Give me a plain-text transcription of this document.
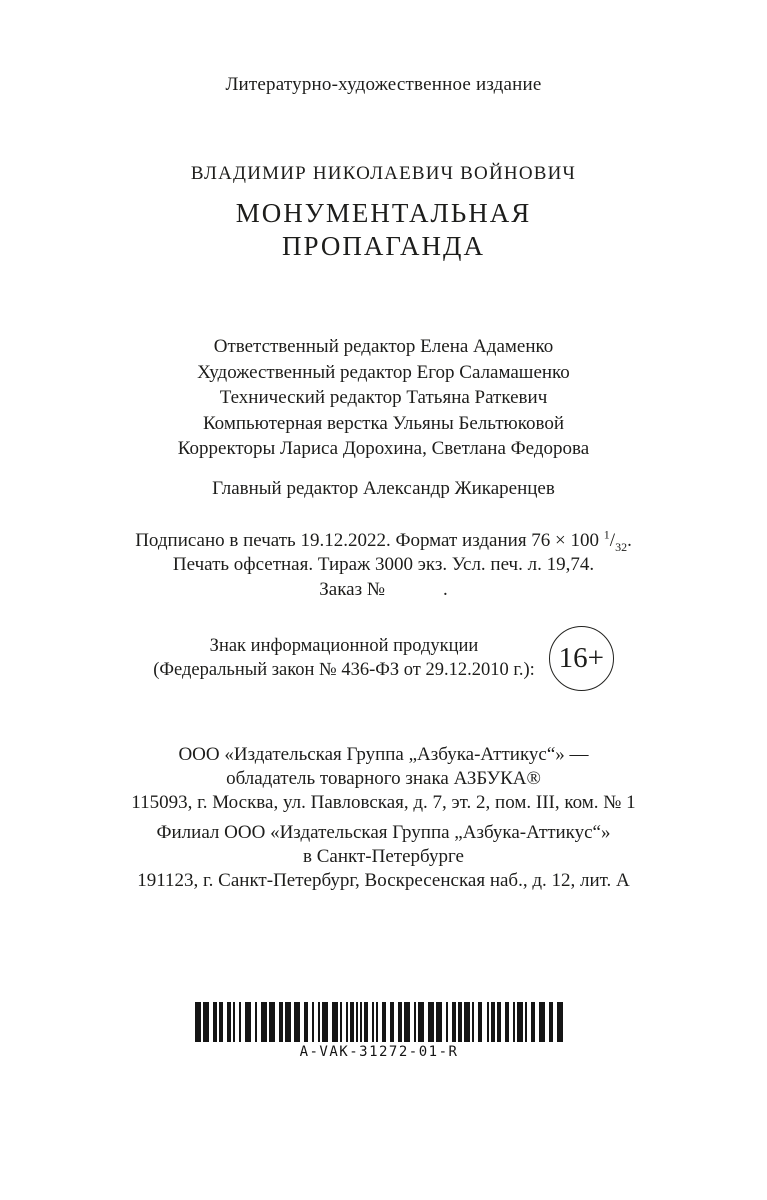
Литературно-художественное издание
ВЛАДИМИР НИКОЛАЕВИЧ ВОЙНОВИЧ
МОНУМЕНТАЛЬНАЯ
ПРОПАГАНДА
Ответственный редактор Елена Адаменко
Художественный редактор Егор Саламашенко
Технический редактор Татьяна Раткевич
Компьютерная верстка Ульяны Бельтюковой
Корректоры Лариса Дорохина, Светлана Федорова
Главный редактор Александр Жикаренцев
Подписано в печать 19.12.2022. Формат издания 76 × 100 $^1/_{32}$.
Печать офсетная. Тираж 3000 экз. Усл. печ. л. 19,74.
Заказ №	.
Знак информационной продукции
(Федеральный закон № 436-ФЗ от 29.12.2010 г.): 16+
ООО «Издательская Группа „Азбука-Аттикус“» —
обладатель товарного знака АЗБУКА®
115093, г. Москва, ул. Павловская, д. 7, эт. 2, пом. III, ком. № 1
Филиал ООО «Издательская Группа „Азбука-Аттикус“»
в Санкт-Петербурге
191123, г. Санкт-Петербург, Воскресенская наб., д. 12, лит. А
A-VAK-31272-01-R
